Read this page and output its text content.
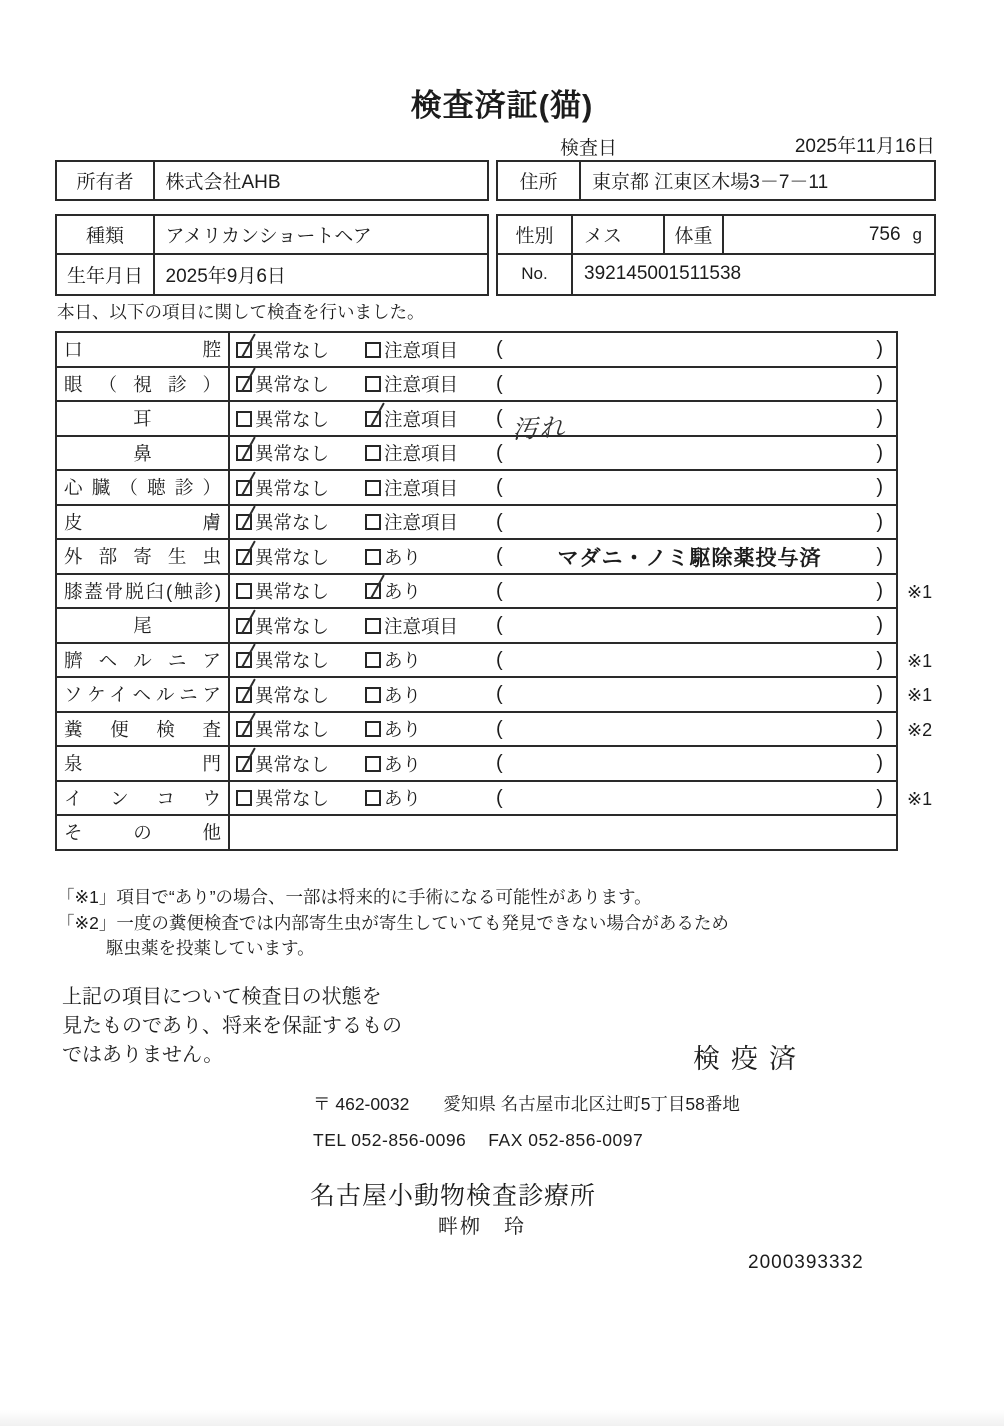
検査済証(猫)
2025年11月16日
検査日
所有者	株式会社AHB	住所	東京都 江東区木場3－7－11
種類	アメリカンショートヘア	性別	メス	体重	756 g
生年月日	2025年9月6日	No.	392145001511538
本日、以下の項目に関して検査を行いました。
口腔	異常なし	注意項目 (	)
眼（視診）	異常なし	注意項目 (	)
耳	異常なし	注意項目 ( 汚れ	)
鼻	異常なし	注意項目 (	)
心臓（聴診）	異常なし	注意項目 (	)
皮膚	異常なし	注意項目 (	)
外部寄生虫	異常なし	あり	(	マダニ・ノミ駆除薬投与済	)
膝蓋骨脱臼(触診)	異常なし	あり	(	)	※1
尾	異常なし	注意項目 (	)
臍ヘルニア	異常なし	あり	(	)	※1
ソケイヘルニア	異常なし	あり	(	)	※1
糞便検査	異常なし	あり	(	)	※2
泉門	異常なし	あり	(	)
インコウ	異常なし	あり	(	)	※1
その他
「※1」項目で“あり”の場合、一部は将来的に手術になる可能性があります。
「※2」一度の糞便検査では内部寄生虫が寄生していても発見できない場合があるため
駆虫薬を投薬しています。
上記の項目について検査日の状態を
見たものであり、将来を保証するもの
ではありません。	検疫済
〒 462-0032 愛知県 名古屋市北区辻町5丁目58番地
TEL 052-856-0096 FAX 052-856-0097
名古屋小動物検査診療所
畔栁　玲
2000393332
